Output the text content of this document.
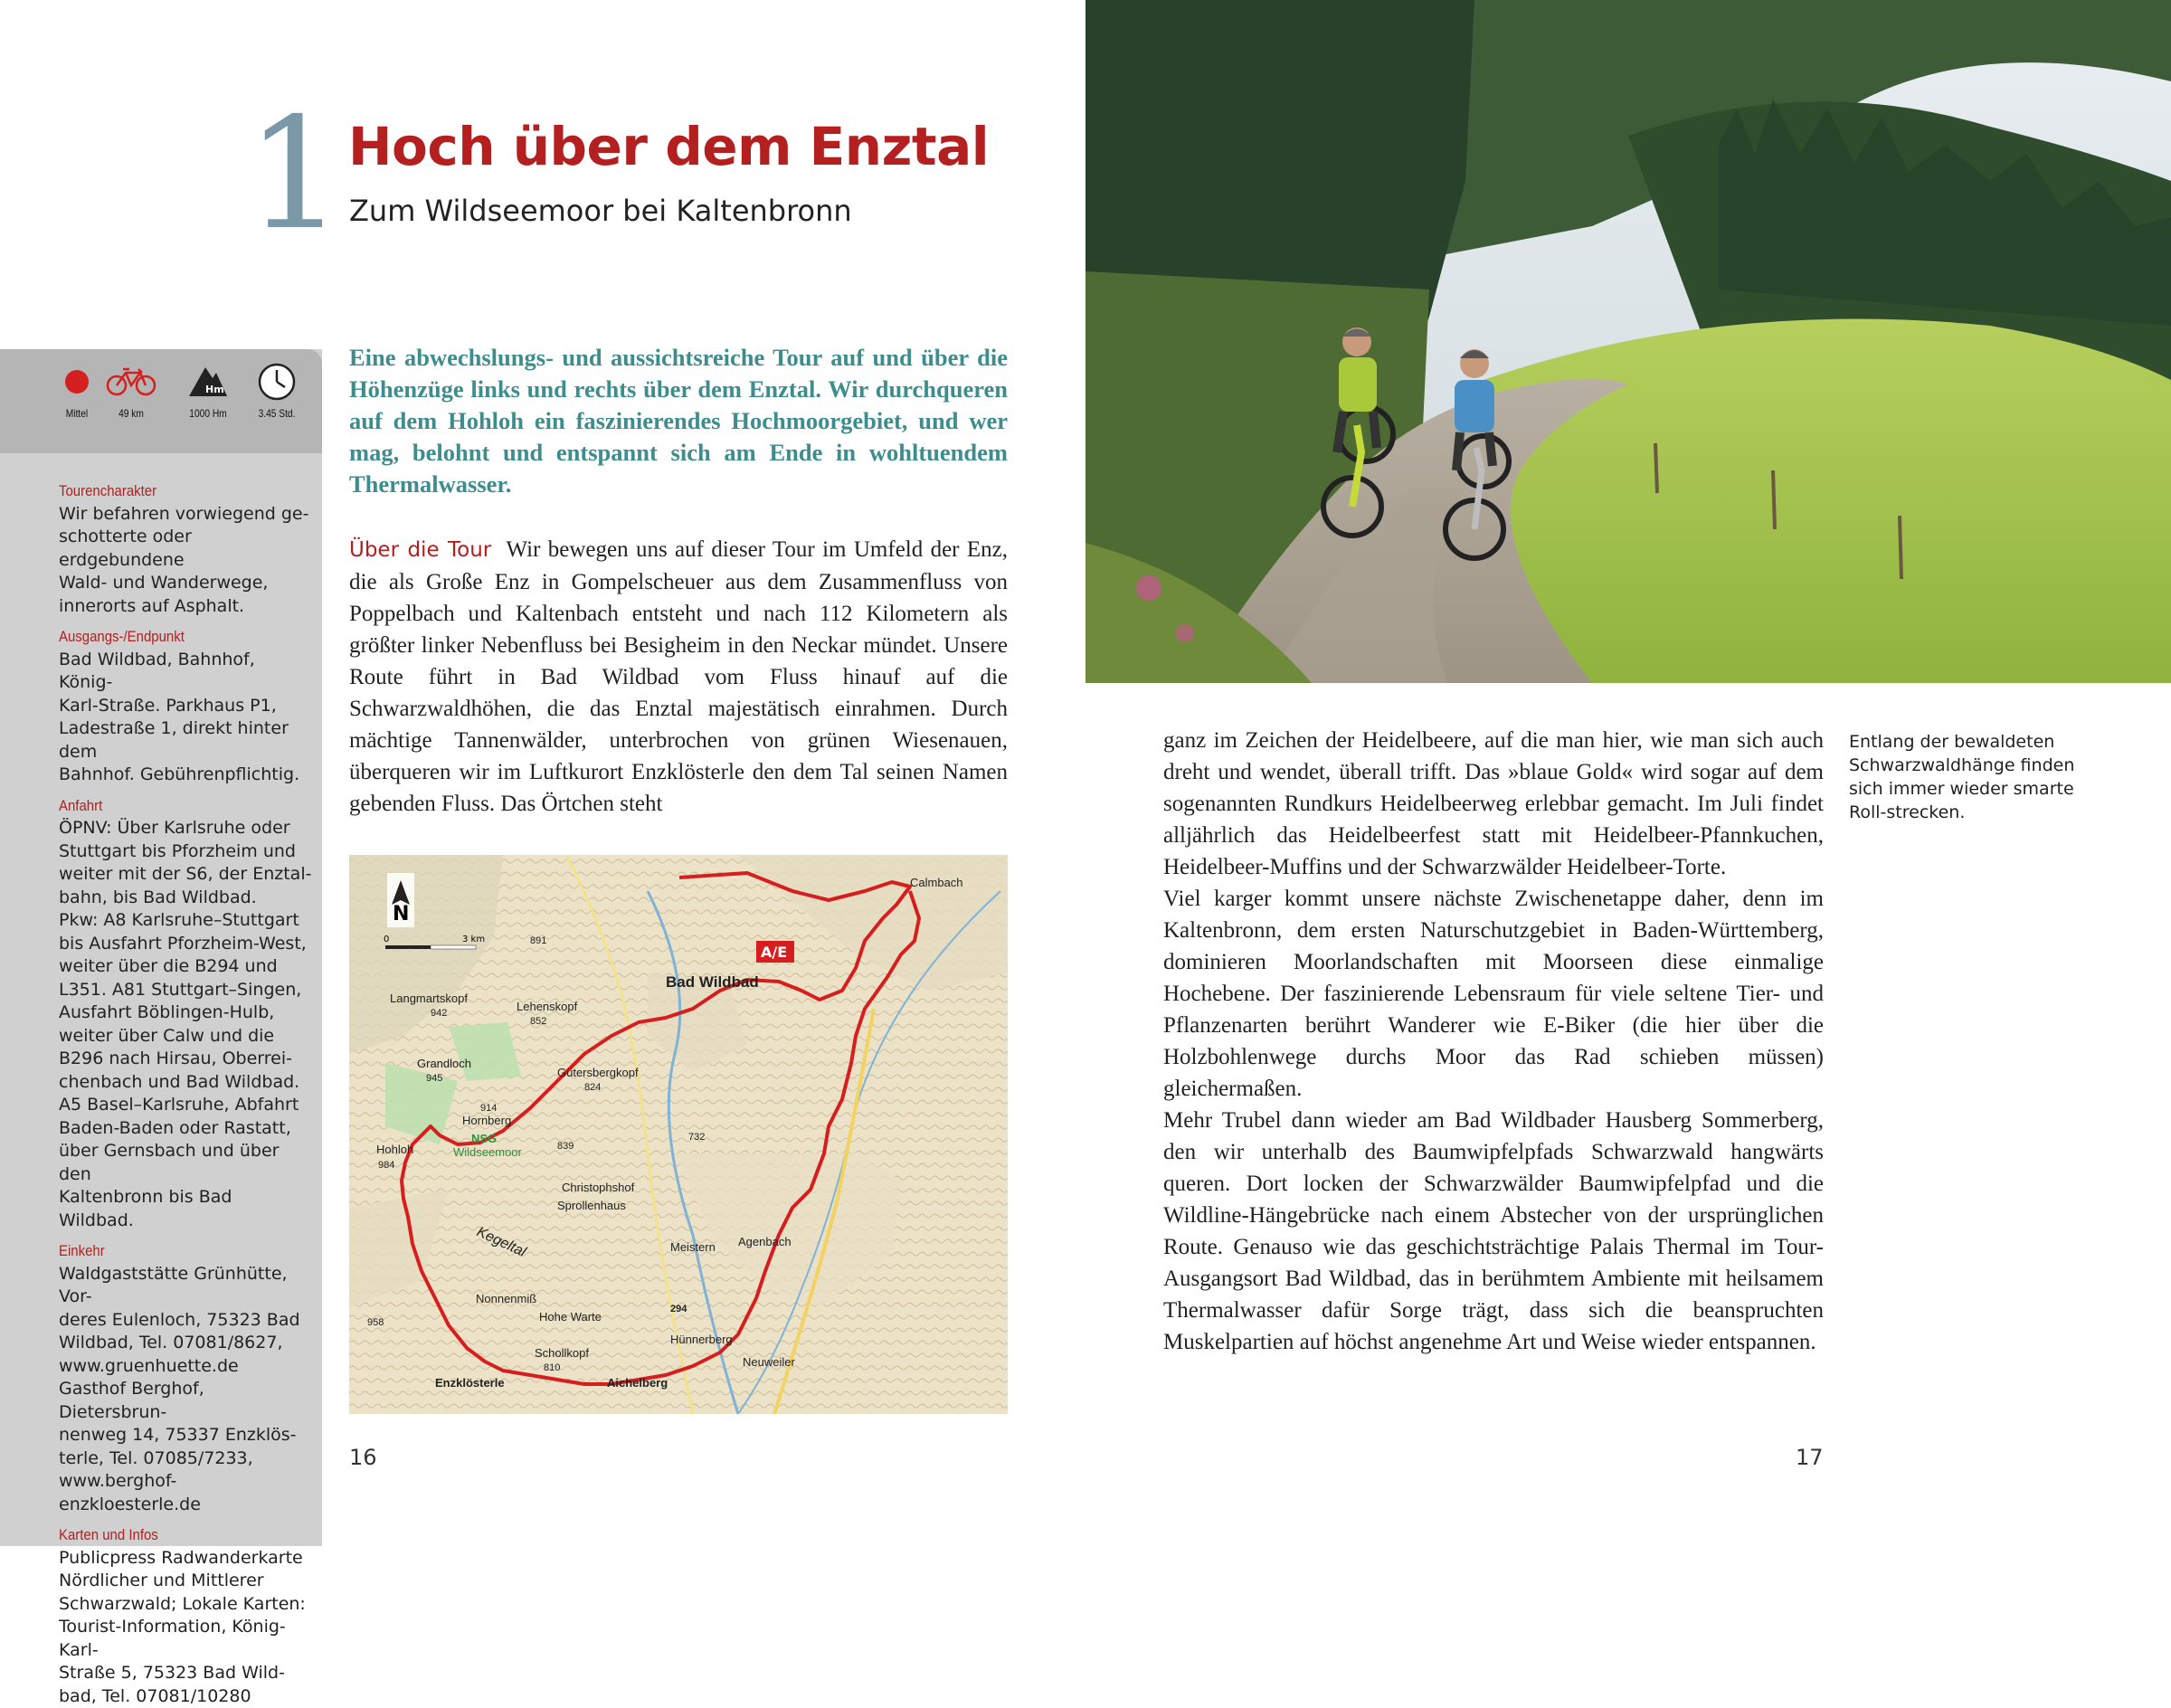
1 Hoch über dem Enztal
Zum Wildseemoor bei Kaltenbronn
Mittel	49 km
Hm
1000 Hm	3.45 Std.
Tourencharakter
Wir befahren vorwiegend ge-
schotterte oder erdgebundene
Wald- und Wanderwege,
innerorts auf Asphalt.
Ausgangs-/Endpunkt
Bad Wildbad, Bahnhof, König-
Karl-Straße. Parkhaus P1,
Ladestraße 1, direkt hinter dem
Bahnhof. Gebührenpflichtig.
Anfahrt
ÖPNV: Über Karlsruhe oder
Stuttgart bis Pforzheim und
weiter mit der S6, der Enztal-
bahn, bis Bad Wildbad.
Pkw: A8 Karlsruhe–Stuttgart
bis Ausfahrt Pforzheim-West,
weiter über die B294 und
L351. A81 Stuttgart–Singen,
Ausfahrt Böblingen-Hulb,
weiter über Calw und die
B296 nach Hirsau, Oberrei-
chenbach und Bad Wildbad.
A5 Basel–Karlsruhe, Abfahrt
Baden-Baden oder Rastatt,
über Gernsbach und über den
Kaltenbronn bis Bad Wildbad.
Einkehr
Waldgaststätte Grünhütte, Vor-
deres Eulenloch, 75323 Bad
Wildbad, Tel. 07081/8627,
www.gruenhuette.de
Gasthof Berghof, Dietersbrun-
nenweg 14, 75337 Enzklös-
terle, Tel. 07085/7233,
www.berghof-enzkloesterle.de
Karten und Infos
Publicpress Radwanderkarte
Nördlicher und Mittlerer
Schwarzwald; Lokale Karten:
Tourist-Information, König-Karl-
Straße 5, 75323 Bad Wild-
bad, Tel. 07081/10280
Eine abwechslungs- und aussichtsreiche Tour auf und über die Höhenzüge links und rechts über dem Enztal. Wir durchqueren auf dem Hohloh ein faszinierendes Hochmoorgebiet, und wer mag, belohnt und entspannt sich am Ende in wohltuendem Thermalwasser.
Über die Tour Wir bewegen uns auf dieser Tour im Umfeld der Enz, die als Große Enz in Gompelscheuer aus dem Zusammenfluss von Poppelbach und Kaltenbach entsteht und nach 112 Kilometern als größter linker Nebenfluss bei Besigheim in den Neckar mündet. Unsere Route führt in Bad Wildbad vom Fluss hinauf auf die Schwarzwaldhöhen, die das Enztal majestätisch einrahmen. Durch mächtige Tannenwälder, unterbrochen von grünen Wiesenauen, überqueren wir im Luftkurort Enzklösterle den dem Tal seinen Namen gebenden Fluss. Das Örtchen steht
N
0	3 km
A/E
Calmbach
Bad Wildbad
891
Langmartskopf
942	Lehenskopf
852
Grandloch
945	Gütersbergkopf
824
914
Hornberg
NSG
Wildseemoor	839
Hohloh
984
Christophshof
Sprollenhaus
732
Kegeltal	Meistern Agenbach
Nonnenmiß
Hohe Warte
958
294
Hünnerberg
Schollkopf
810	Neuweiler
Enzklösterle	Aichelberg
16

ganz im Zeichen der Heidelbeere, auf die man hier, wie man sich auch dreht und wendet, überall trifft. Das »blaue Gold« wird sogar auf dem sogenannten Rundkurs Heidelbeerweg erlebbar gemacht. Im Juli findet alljährlich das Heidelbeerfest statt mit Heidelbeer-Pfannkuchen, Heidelbeer-Muffins und der Schwarzwälder Heidelbeer-Torte.

Viel karger kommt unsere nächste Zwischenetappe daher, denn im Kaltenbronn, dem ersten Naturschutzgebiet in Baden-Württemberg, dominieren Moorlandschaften mit Moorseen diese einmalige Hochebene. Der faszinierende Lebensraum für viele seltene Tier- und Pflanzenarten berührt Wanderer wie E-Biker (die hier über die Holzbohlenwege durchs Moor das Rad schieben müssen) gleichermaßen.

Mehr Trubel dann wieder am Bad Wildbader Hausberg Sommerberg, den wir unterhalb des Baumwipfelpfads Schwarzwald hangwärts queren. Dort locken der Schwarzwälder Baumwipfelpfad und die Wildline-Hängebrücke nach einem Abstecher von der ursprünglichen Route. Genauso wie das geschichtsträchtige Palais Thermal im Tour-Ausgangsort Bad Wildbad, das in berühmtem Ambiente mit heilsamem Thermalwasser dafür Sorge trägt, dass sich die beanspruchten Muskelpartien auf höchst angenehme Art und Weise wieder entspannen.

Entlang der bewaldeten Schwarzwaldhänge finden sich immer wieder smarte Roll-strecken.
17
